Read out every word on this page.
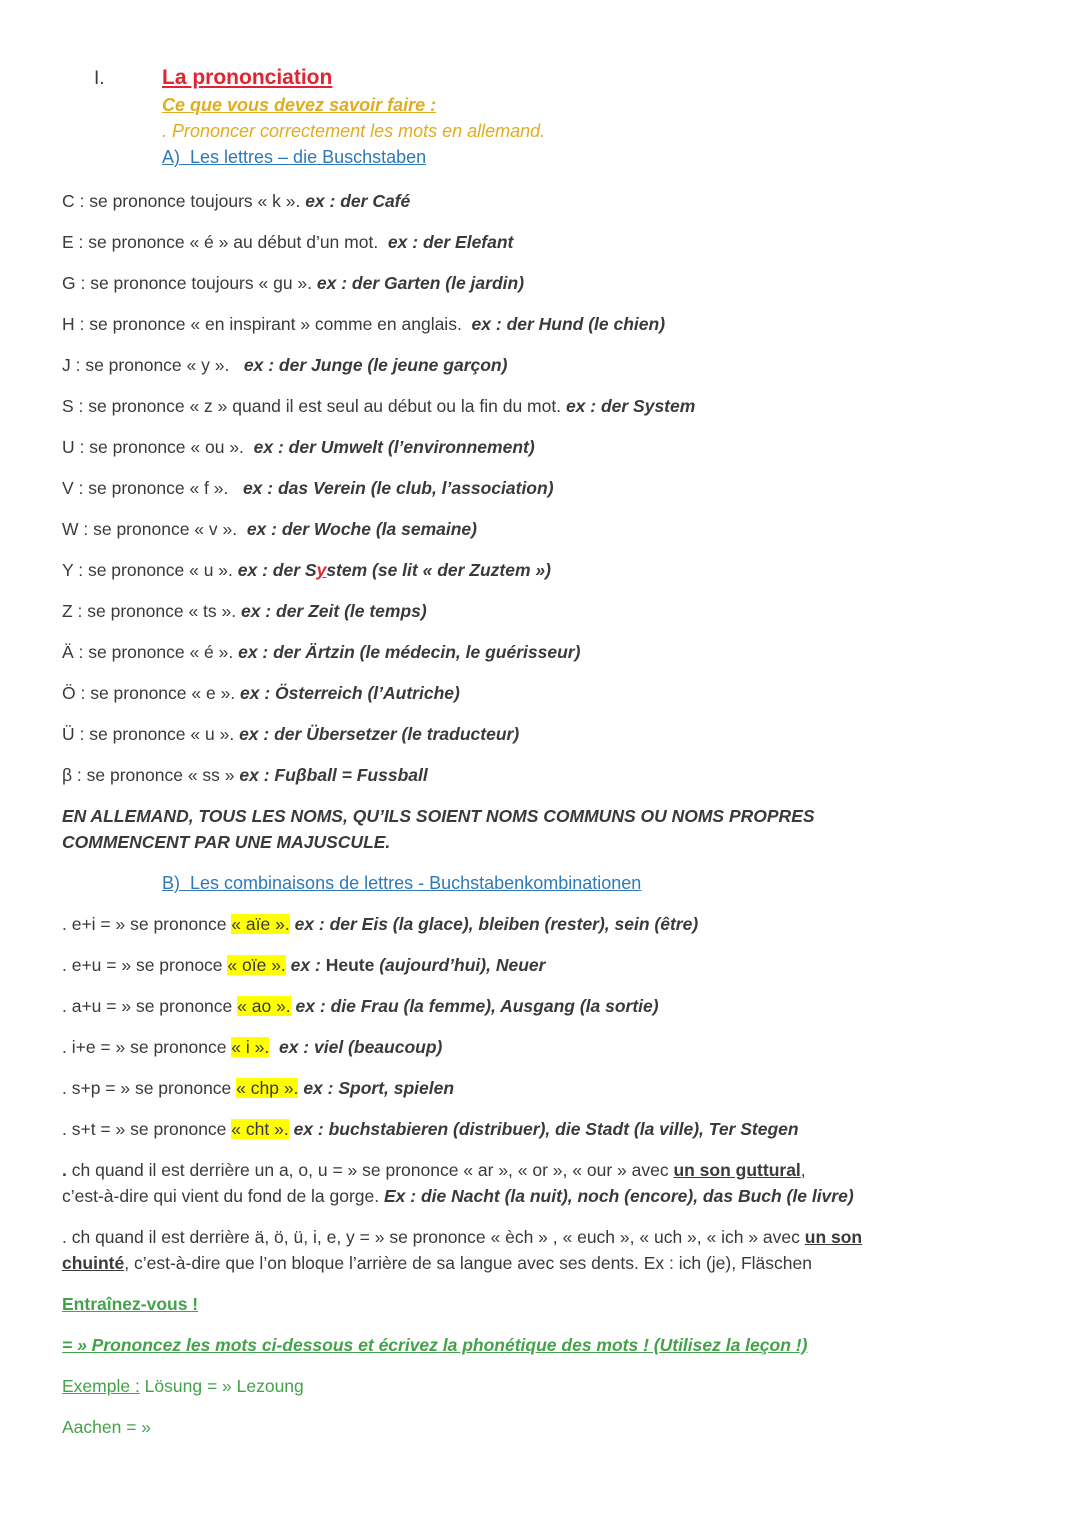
I.	La prononciation
Ce que vous devez savoir faire :
. Prononcer correctement les mots en allemand.
A)  Les lettres – die Buschstaben
C : se prononce toujours « k ». ex : der Café
E : se prononce « é » au début d’un mot.  ex : der Elefant
G : se prononce toujours « gu ». ex : der Garten (le jardin)
H : se prononce « en inspirant » comme en anglais.  ex : der Hund (le chien)
J : se prononce « y ».   ex : der Junge (le jeune garçon)
S : se prononce « z » quand il est seul au début ou la fin du mot. ex : der System
U : se prononce « ou ».  ex : der Umwelt (l’environnement)
V : se prononce « f ».   ex : das Verein (le club, l’association)
W : se prononce « v ».  ex : der Woche (la semaine)
Y : se prononce « u ». ex : der System (se lit « der Zuztem »)
Z : se prononce « ts ». ex : der Zeit (le temps)
Ä : se prononce « é ». ex : der Ärtzin (le médecin, le guérisseur)
Ö : se prononce « e ». ex : Österreich (l’Autriche)
Ü : se prononce « u ». ex : der Übersetzer (le traducteur)
β : se prononce « ss » ex : Fuβball = Fussball
EN ALLEMAND, TOUS LES NOMS, QU’ILS SOIENT NOMS COMMUNS OU NOMS PROPRES
COMMENCENT PAR UNE MAJUSCULE.
B)  Les combinaisons de lettres - Buchstabenkombinationen
. e+i = » se prononce « aïe ». ex : der Eis (la glace), bleiben (rester), sein (être)
. e+u = » se pronoce « oïe ». ex : Heute (aujourd’hui), Neuer
. a+u = » se prononce « ao ». ex : die Frau (la femme), Ausgang (la sortie)
. i+e = » se prononce « i ». ex : viel (beaucoup)
. s+p = » se prononce « chp ». ex : Sport, spielen
. s+t = » se prononce « cht ». ex : buchstabieren (distribuer), die Stadt (la ville), Ter Stegen
. ch quand il est derrière un a, o, u = » se prononce « ar », « or », « our » avec un son guttural,
c’est-à-dire qui vient du fond de la gorge. Ex : die Nacht (la nuit), noch (encore), das Buch (le livre)
. ch quand il est derrière ä, ö, ü, i, e, y = » se prononce « èch » , « euch », « uch », « ich » avec un son
chuinté, c’est-à-dire que l’on bloque l’arrière de sa langue avec ses dents. Ex : ich (je), Fläschen
Entraînez-vous !
= » Prononcez les mots ci-dessous et écrivez la phonétique des mots ! (Utilisez la leçon !)
Exemple : Lösung = » Lezoung
Aachen = »
